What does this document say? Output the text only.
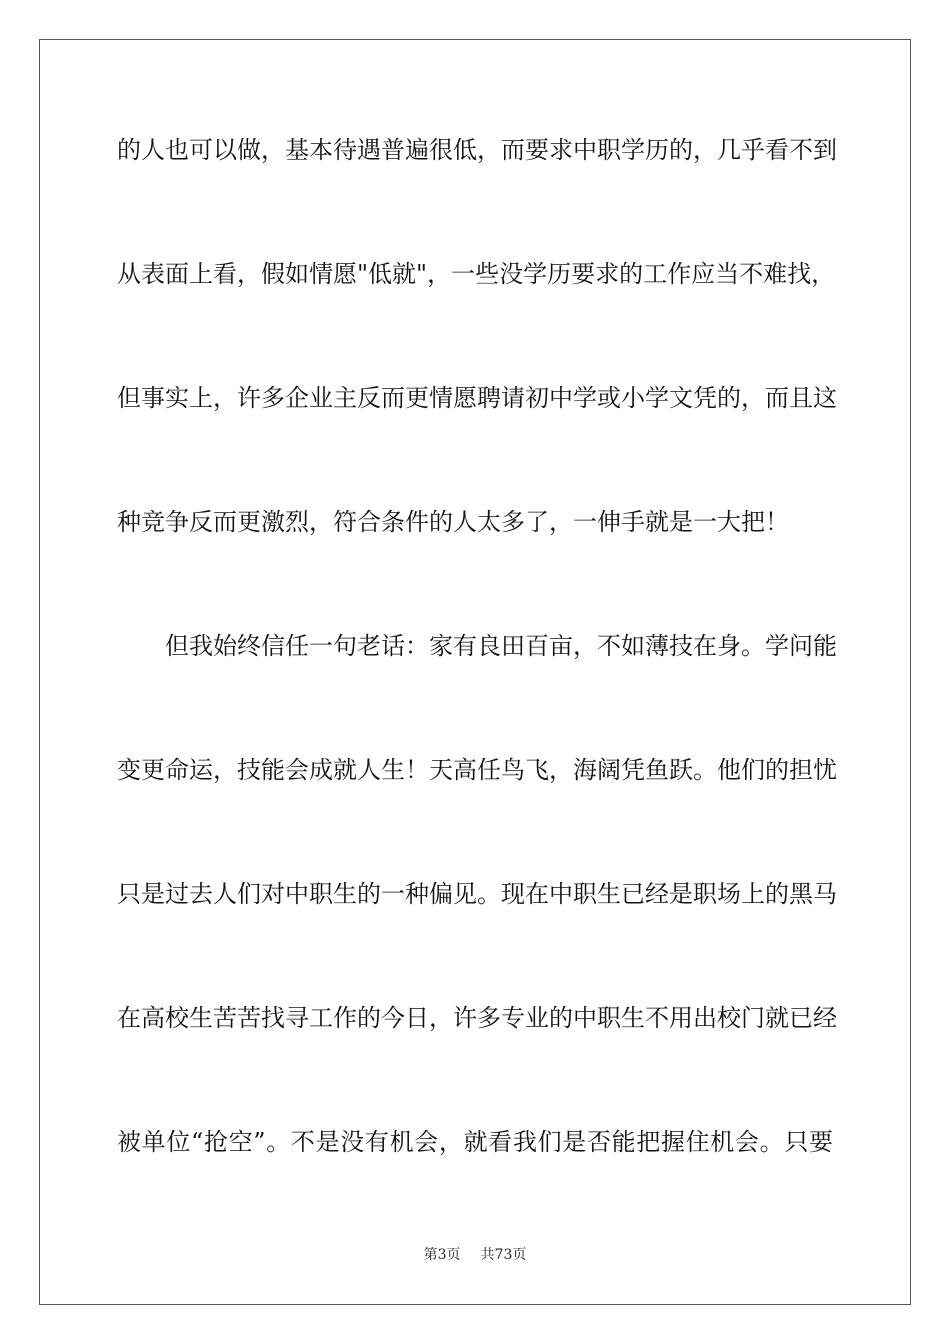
的人也可以做，基本待遇普遍很低，而要求中职学历的，几乎看不到
从表面上看，假如情愿"低就"，一些没学历要求的工作应当不难找，
但事实上，许多企业主反而更情愿聘请初中学或小学文凭的，而且这
种竞争反而更激烈，符合条件的人太多了，一伸手就是一大把！
但我始终信任一句老话：家有良田百亩，不如薄技在身。学问能
变更命运，技能会成就人生！天高任鸟飞，海阔凭鱼跃。他们的担忧
只是过去人们对中职生的一种偏见。现在中职生已经是职场上的黑马
在高校生苦苦找寻工作的今日，许多专业的中职生不用出校门就已经
被单位“抢空”。不是没有机会，就看我们是否能把握住机会。只要
第3页 共73页
